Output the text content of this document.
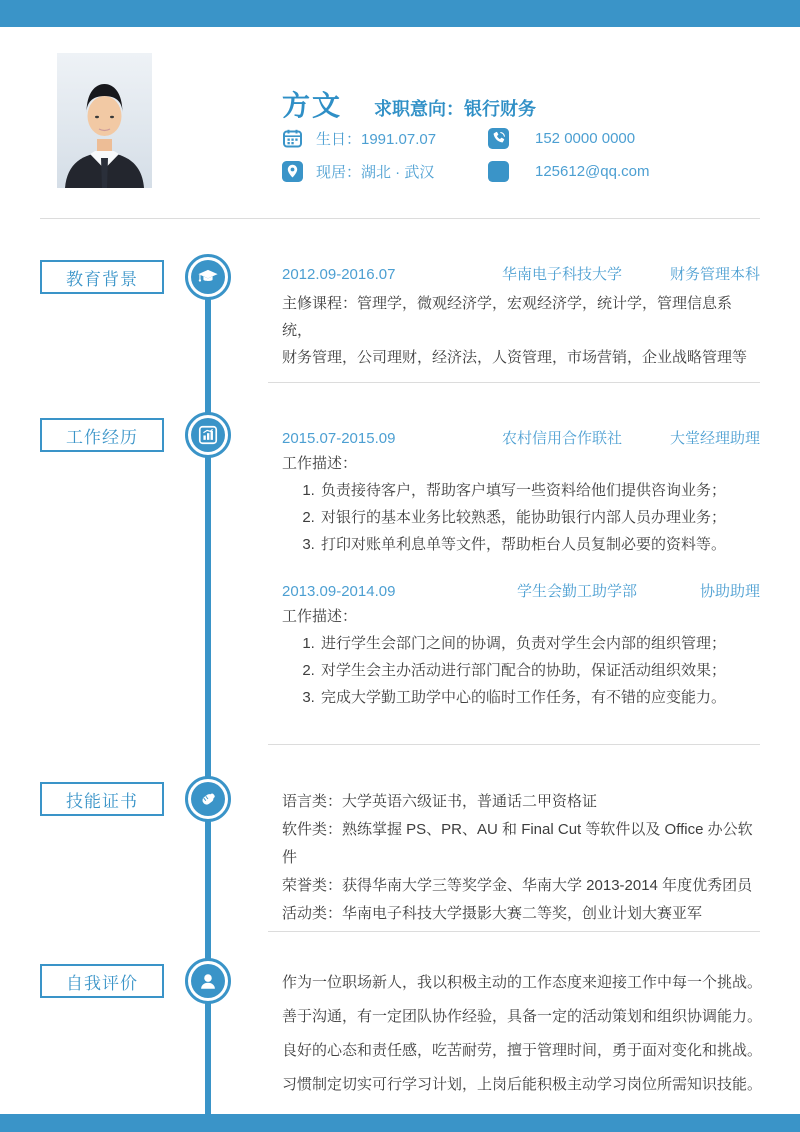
方文 求职意向：银行财务
生日：1991.07.07	152 0000 0000
现居：湖北 · 武汉	125612@qq.com
教育背景
工作经历
技能证书
自我评价
2012.09-2016.07	华南电子科技大学	财务管理本科
主修课程：管理学，微观经济学，宏观经济学，统计学，管理信息系统，
财务管理，公司理财，经济法，人资管理，市场营销，企业战略管理等
2015.07-2015.09	农村信用合作联社	大堂经理助理
工作描述：
1. 负责接待客户，帮助客户填写一些资料给他们提供咨询业务；
2. 对银行的基本业务比较熟悉，能协助银行内部人员办理业务；
3. 打印对账单利息单等文件，帮助柜台人员复制必要的资料等。
2013.09-2014.09	学生会勤工助学部	协助助理
工作描述：
1. 进行学生会部门之间的协调，负责对学生会内部的组织管理；
2. 对学生会主办活动进行部门配合的协助，保证活动组织效果；
3. 完成大学勤工助学中心的临时工作任务，有不错的应变能力。
语言类：大学英语六级证书，普通话二甲资格证
软件类：熟练掌握 PS、PR、AU 和 Final Cut 等软件以及 Office 办公软件
荣誉类：获得华南大学三等奖学金、华南大学 2013-2014 年度优秀团员
活动类：华南电子科技大学摄影大赛二等奖，创业计划大赛亚军
作为一位职场新人，我以积极主动的工作态度来迎接工作中每一个挑战。
善于沟通，有一定团队协作经验，具备一定的活动策划和组织协调能力。
良好的心态和责任感，吃苦耐劳，擅于管理时间，勇于面对变化和挑战。
习惯制定切实可行学习计划，上岗后能积极主动学习岗位所需知识技能。
